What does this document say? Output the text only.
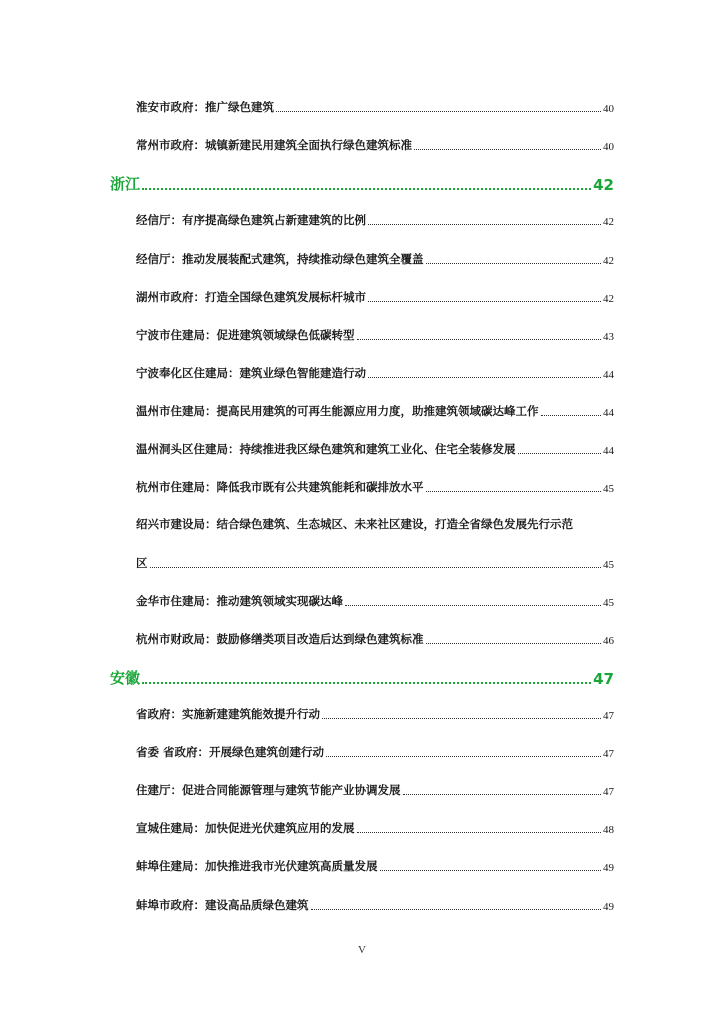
淮安市政府：推广绿色建筑	40
常州市政府：城镇新建民用建筑全面执行绿色建筑标准	40
浙江	42
经信厅：有序提高绿色建筑占新建建筑的比例	42
经信厅：推动发展装配式建筑，持续推动绿色建筑全覆盖	42
湖州市政府：打造全国绿色建筑发展标杆城市	42
宁波市住建局：促进建筑领域绿色低碳转型	43
宁波奉化区住建局：建筑业绿色智能建造行动	44
温州市住建局：提高民用建筑的可再生能源应用力度，助推建筑领域碳达峰工作	44
温州洞头区住建局：持续推进我区绿色建筑和建筑工业化、住宅全装修发展	44
杭州市住建局：降低我市既有公共建筑能耗和碳排放水平	45
绍兴市建设局：结合绿色建筑、生态城区、未来社区建设，打造全省绿色发展先行示范
区	45
金华市住建局：推动建筑领域实现碳达峰	45
杭州市财政局：鼓励修缮类项目改造后达到绿色建筑标准	46
安徽	47
省政府：实施新建建筑能效提升行动	47
省委 省政府：开展绿色建筑创建行动	47
住建厅：促进合同能源管理与建筑节能产业协调发展	47
宣城住建局：加快促进光伏建筑应用的发展	48
蚌埠住建局：加快推进我市光伏建筑高质量发展	49
蚌埠市政府：建设高品质绿色建筑	49
V
